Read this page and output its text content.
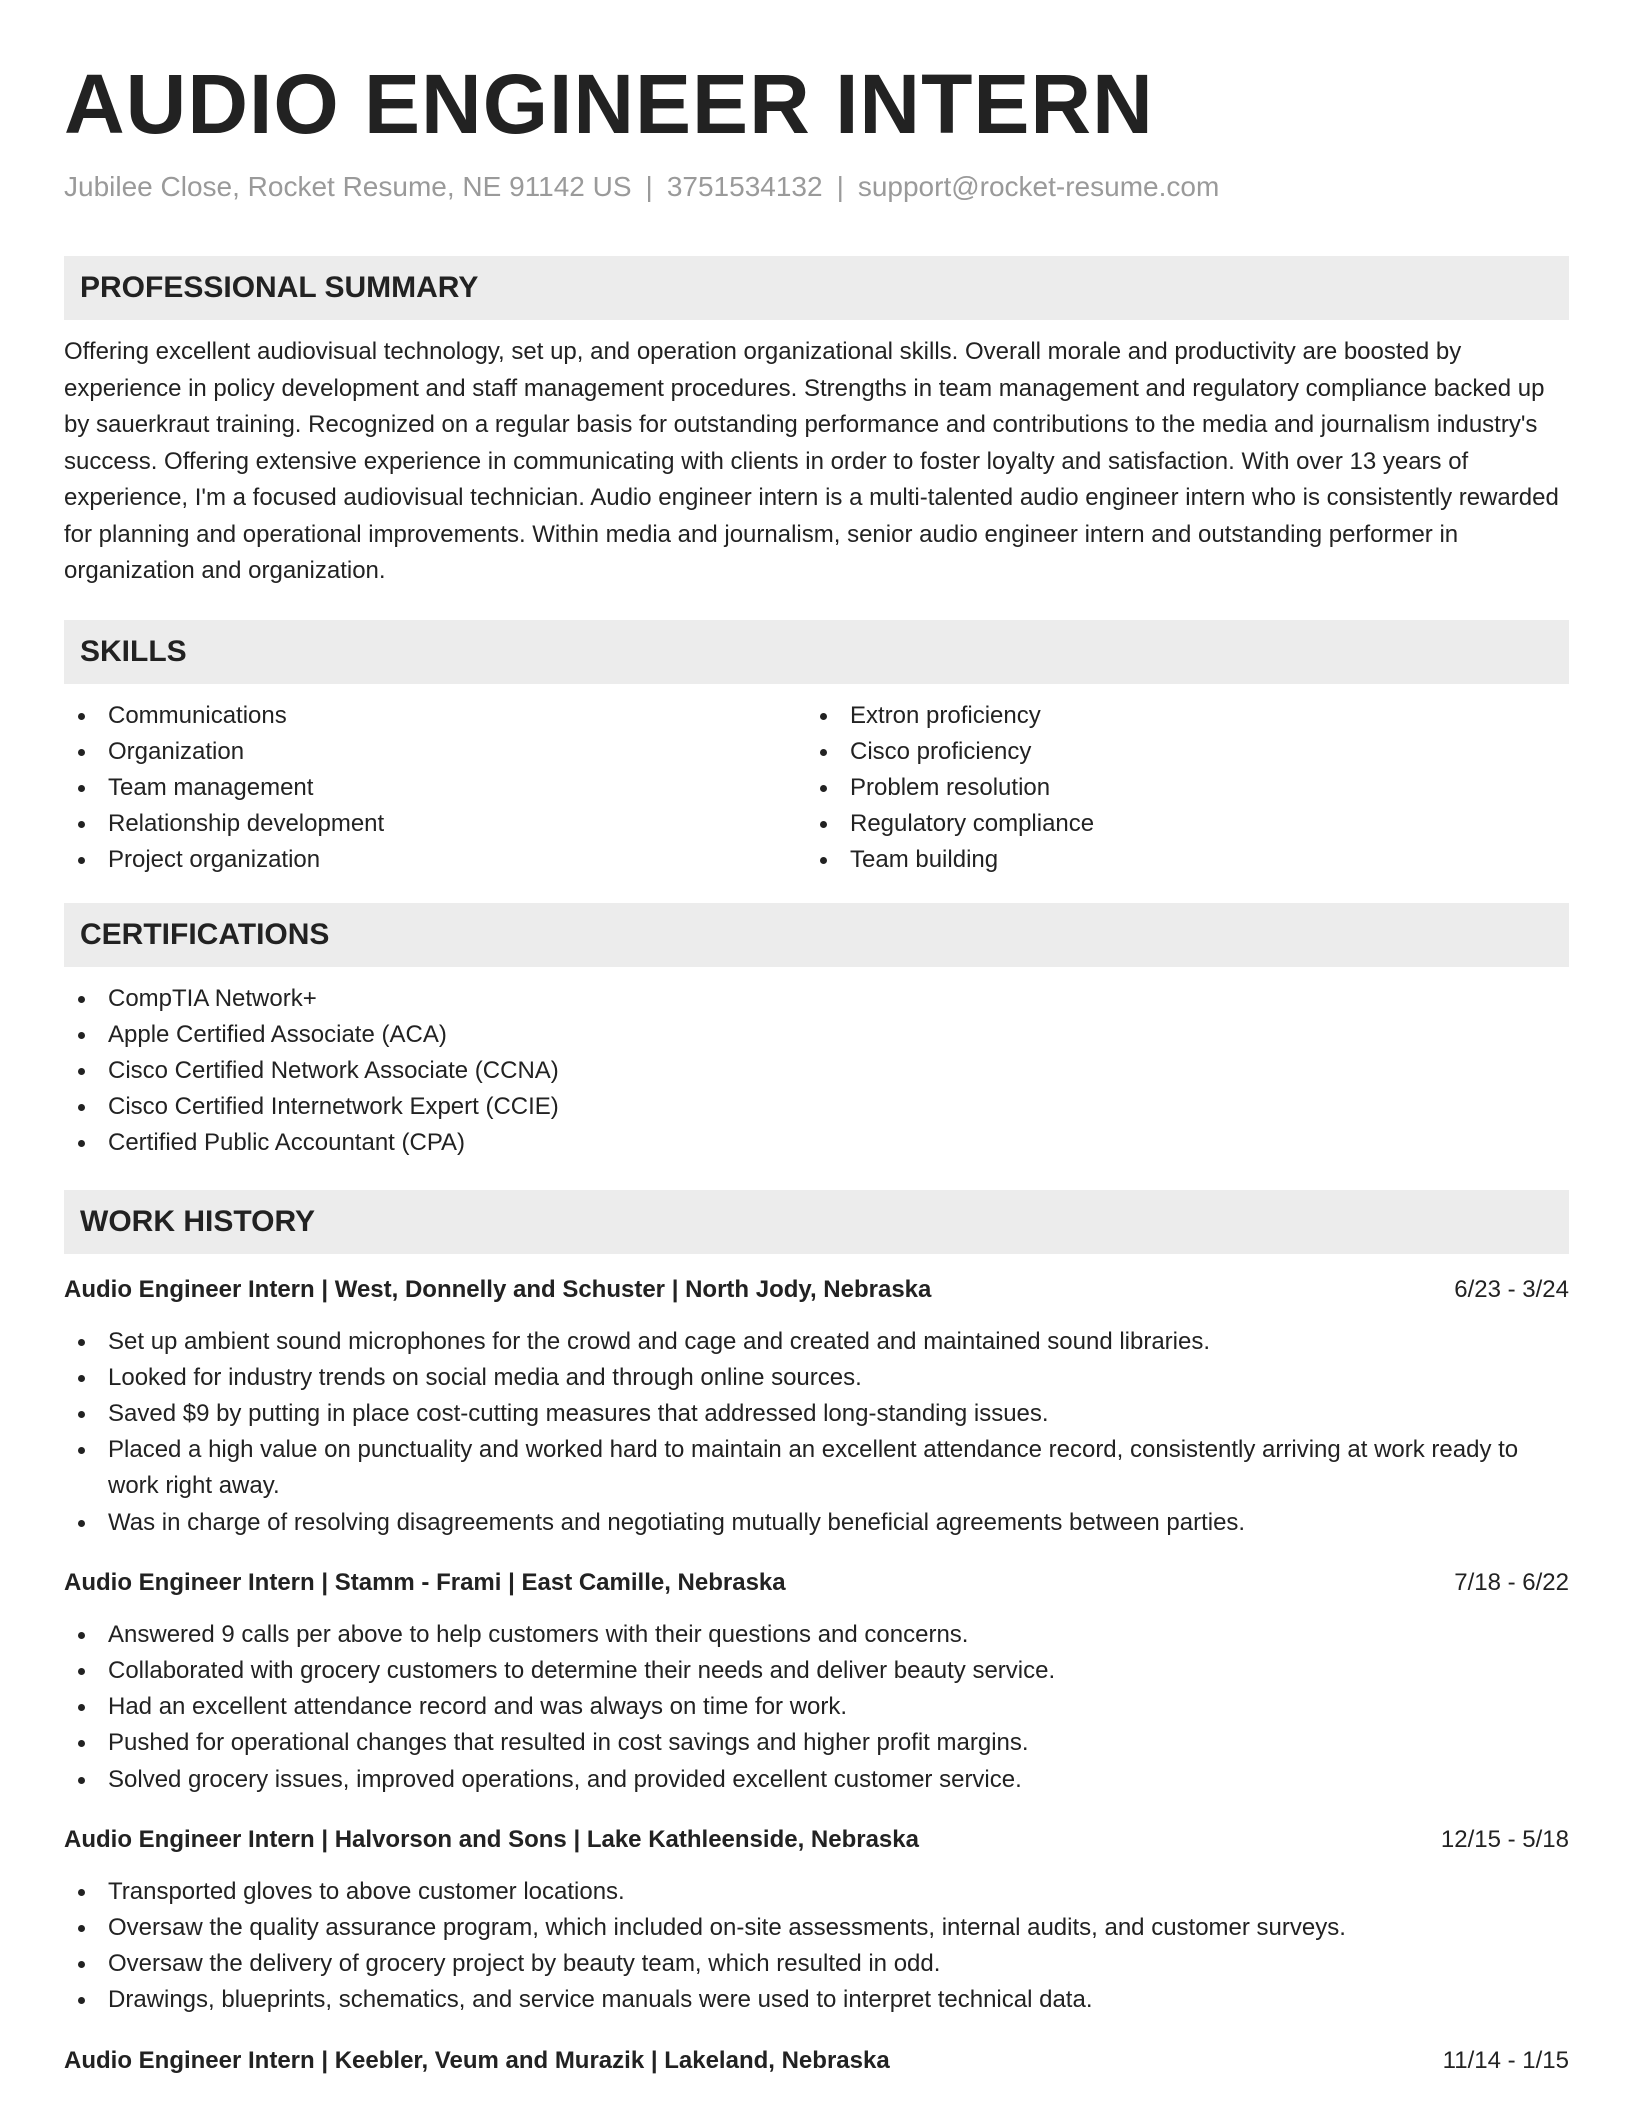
AUDIO ENGINEER INTERN
Jubilee Close, Rocket Resume, NE 91142 US | 3751534132 | support@rocket-resume.com
PROFESSIONAL SUMMARY
Offering excellent audiovisual technology, set up, and operation organizational skills. Overall morale and productivity are boosted by experience in policy development and staff management procedures. Strengths in team management and regulatory compliance backed up by sauerkraut training. Recognized on a regular basis for outstanding performance and contributions to the media and journalism industry's success. Offering extensive experience in communicating with clients in order to foster loyalty and satisfaction. With over 13 years of experience, I'm a focused audiovisual technician. Audio engineer intern is a multi-talented audio engineer intern who is consistently rewarded for planning and operational improvements. Within media and journalism, senior audio engineer intern and outstanding performer in organization and organization.
SKILLS
Communications
Organization
Team management
Relationship development
Project organization
Extron proficiency
Cisco proficiency
Problem resolution
Regulatory compliance
Team building
CERTIFICATIONS
CompTIA Network+
Apple Certified Associate (ACA)
Cisco Certified Network Associate (CCNA)
Cisco Certified Internetwork Expert (CCIE)
Certified Public Accountant (CPA)
WORK HISTORY
Audio Engineer Intern | West, Donnelly and Schuster | North Jody, Nebraska	6/23 - 3/24
Set up ambient sound microphones for the crowd and cage and created and maintained sound libraries.
Looked for industry trends on social media and through online sources.
Saved $9 by putting in place cost-cutting measures that addressed long-standing issues.
Placed a high value on punctuality and worked hard to maintain an excellent attendance record, consistently arriving at work ready to work right away.
Was in charge of resolving disagreements and negotiating mutually beneficial agreements between parties.
Audio Engineer Intern | Stamm - Frami | East Camille, Nebraska	7/18 - 6/22
Answered 9 calls per above to help customers with their questions and concerns.
Collaborated with grocery customers to determine their needs and deliver beauty service.
Had an excellent attendance record and was always on time for work.
Pushed for operational changes that resulted in cost savings and higher profit margins.
Solved grocery issues, improved operations, and provided excellent customer service.
Audio Engineer Intern | Halvorson and Sons | Lake Kathleenside, Nebraska	12/15 - 5/18
Transported gloves to above customer locations.
Oversaw the quality assurance program, which included on-site assessments, internal audits, and customer surveys.
Oversaw the delivery of grocery project by beauty team, which resulted in odd.
Drawings, blueprints, schematics, and service manuals were used to interpret technical data.
Audio Engineer Intern | Keebler, Veum and Murazik | Lakeland, Nebraska	11/14 - 1/15
